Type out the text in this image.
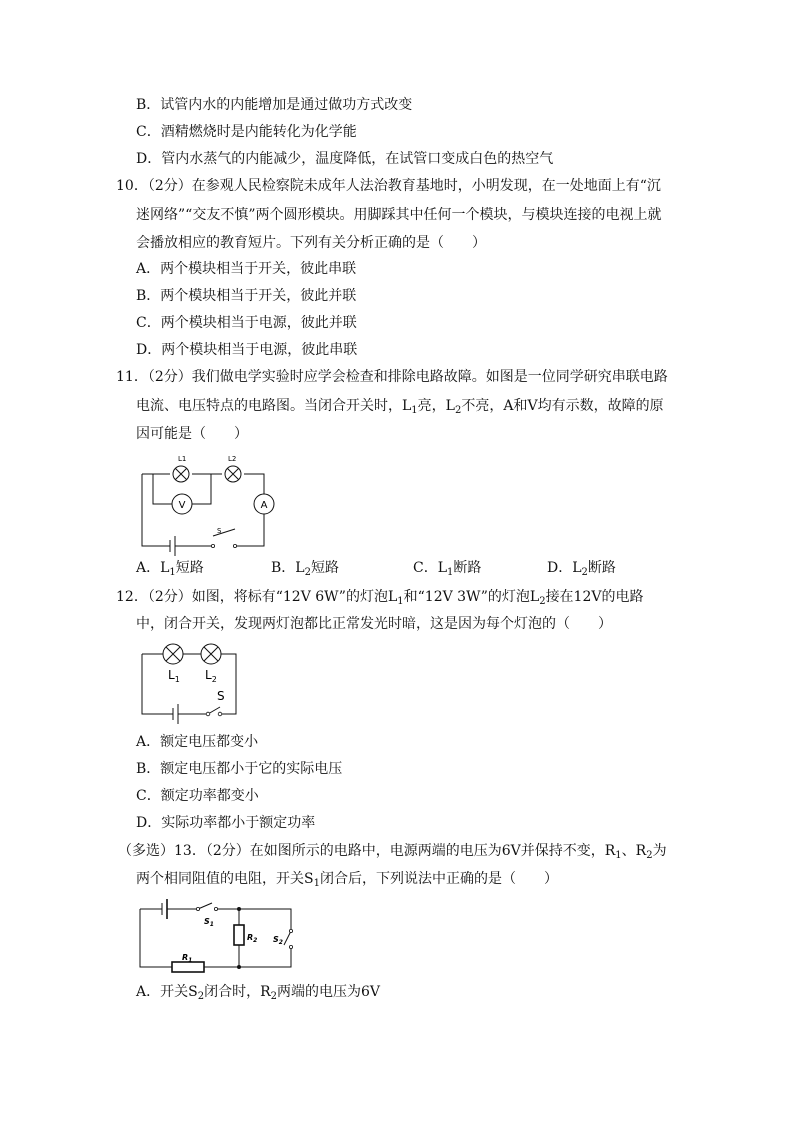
B．试管内水的内能增加是通过做功方式改变
C．酒精燃烧时是内能转化为化学能
D．管内水蒸气的内能减少，温度降低，在试管口变成白色的热空气
10．（2分）在参观人民检察院未成年人法治教育基地时，小明发现，在一处地面上有“沉
迷网络”“交友不慎”两个圆形模块。用脚踩其中任何一个模块，与模块连接的电视上就
会播放相应的教育短片。下列有关分析正确的是（　　）
A．两个模块相当于开关，彼此串联
B．两个模块相当于开关，彼此并联
C．两个模块相当于电源，彼此并联
D．两个模块相当于电源，彼此串联
11．（2分）我们做电学实验时应学会检查和排除电路故障。如图是一位同学研究串联电路
电流、电压特点的电路图。当闭合开关时，$L_1$亮，$L_2$不亮，A和V均有示数，故障的原
因可能是（　　）
L1	L2
V	A
S
A．$L_1$短路	B．$L_2$短路	C．$L_1$断路	D．$L_2$断路
12．（2分）如图，将标有“12V 6W”的灯泡$L_1$和“12V 3W”的灯泡$L_2$接在12V的电路
中，闭合开关，发现两灯泡都比正常发光时暗，这是因为每个灯泡的（　　）
$L_1$ $L_2$
S
A．额定电压都变小
B．额定电压都小于它的实际电压
C．额定功率都变小
D．实际功率都小于额定功率
（多选）13．（2分）在如图所示的电路中，电源两端的电压为6V并保持不变，$R_1$、$R_2$为
两个相同阻值的电阻，开关$S_1$闭合后，下列说法中正确的是（　　）
$S_1$
$R_2$ $S_2$
$R_1$
A．开关$S_2$闭合时，$R_2$两端的电压为6V
